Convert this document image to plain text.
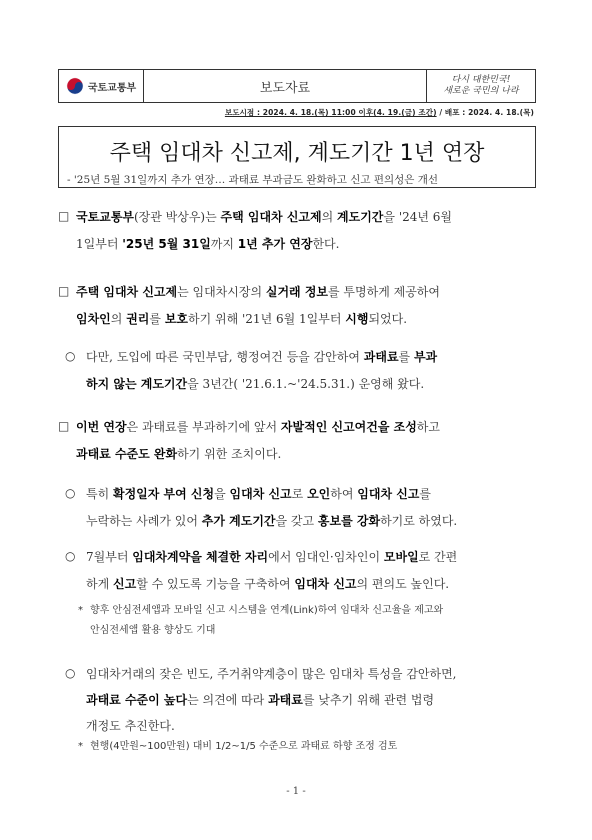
국토교통부	보도자료
다시 대한민국!
새로운 국민의 나라
보도시점 : 2024. 4. 18.(목) 11:00 이후(4. 19.(금) 조간) / 배포 : 2024. 4. 18.(목)
주택 임대차 신고제, 계도기간 1년 연장
- '25년 5월 31일까지 추가 연장… 과태료 부과금도 완화하고 신고 편의성은 개선
□ 국토교통부(장관 박상우)는 주택 임대차 신고제의 계도기간을 '24년 6월
1일부터 '25년 5월 31일까지 1년 추가 연장한다.
□ 주택 임대차 신고제는 임대차시장의 실거래 정보를 투명하게 제공하여
임차인의 권리를 보호하기 위해 '21년 6월 1일부터 시행되었다.
○ 다만, 도입에 따른 국민부담, 행정여건 등을 감안하여 과태료를 부과
하지 않는 계도기간을 3년간( '21.6.1.~'24.5.31.) 운영해 왔다.
□ 이번 연장은 과태료를 부과하기에 앞서 자발적인 신고여건을 조성하고
과태료 수준도 완화하기 위한 조치이다.
○ 특히 확정일자 부여 신청을 임대차 신고로 오인하여 임대차 신고를
누락하는 사례가 있어 추가 계도기간을 갖고 홍보를 강화하기로 하였다.
○ 7월부터 임대차계약을 체결한 자리에서 임대인·임차인이 모바일로 간편
하게 신고할 수 있도록 기능을 구축하여 임대차 신고의 편의도 높인다.
* 향후 안심전세앱과 모바일 신고 시스템을 연계(Link)하여 임대차 신고율을 제고와
안심전세앱 활용 향상도 기대
○ 임대차거래의 잦은 빈도, 주거취약계층이 많은 임대차 특성을 감안하면,
과태료 수준이 높다는 의견에 따라 과태료를 낮추기 위해 관련 법령
개정도 추진한다.
* 현행(4만원~100만원) 대비 1/2~1/5 수준으로 과태료 하향 조정 검토
- 1 -
